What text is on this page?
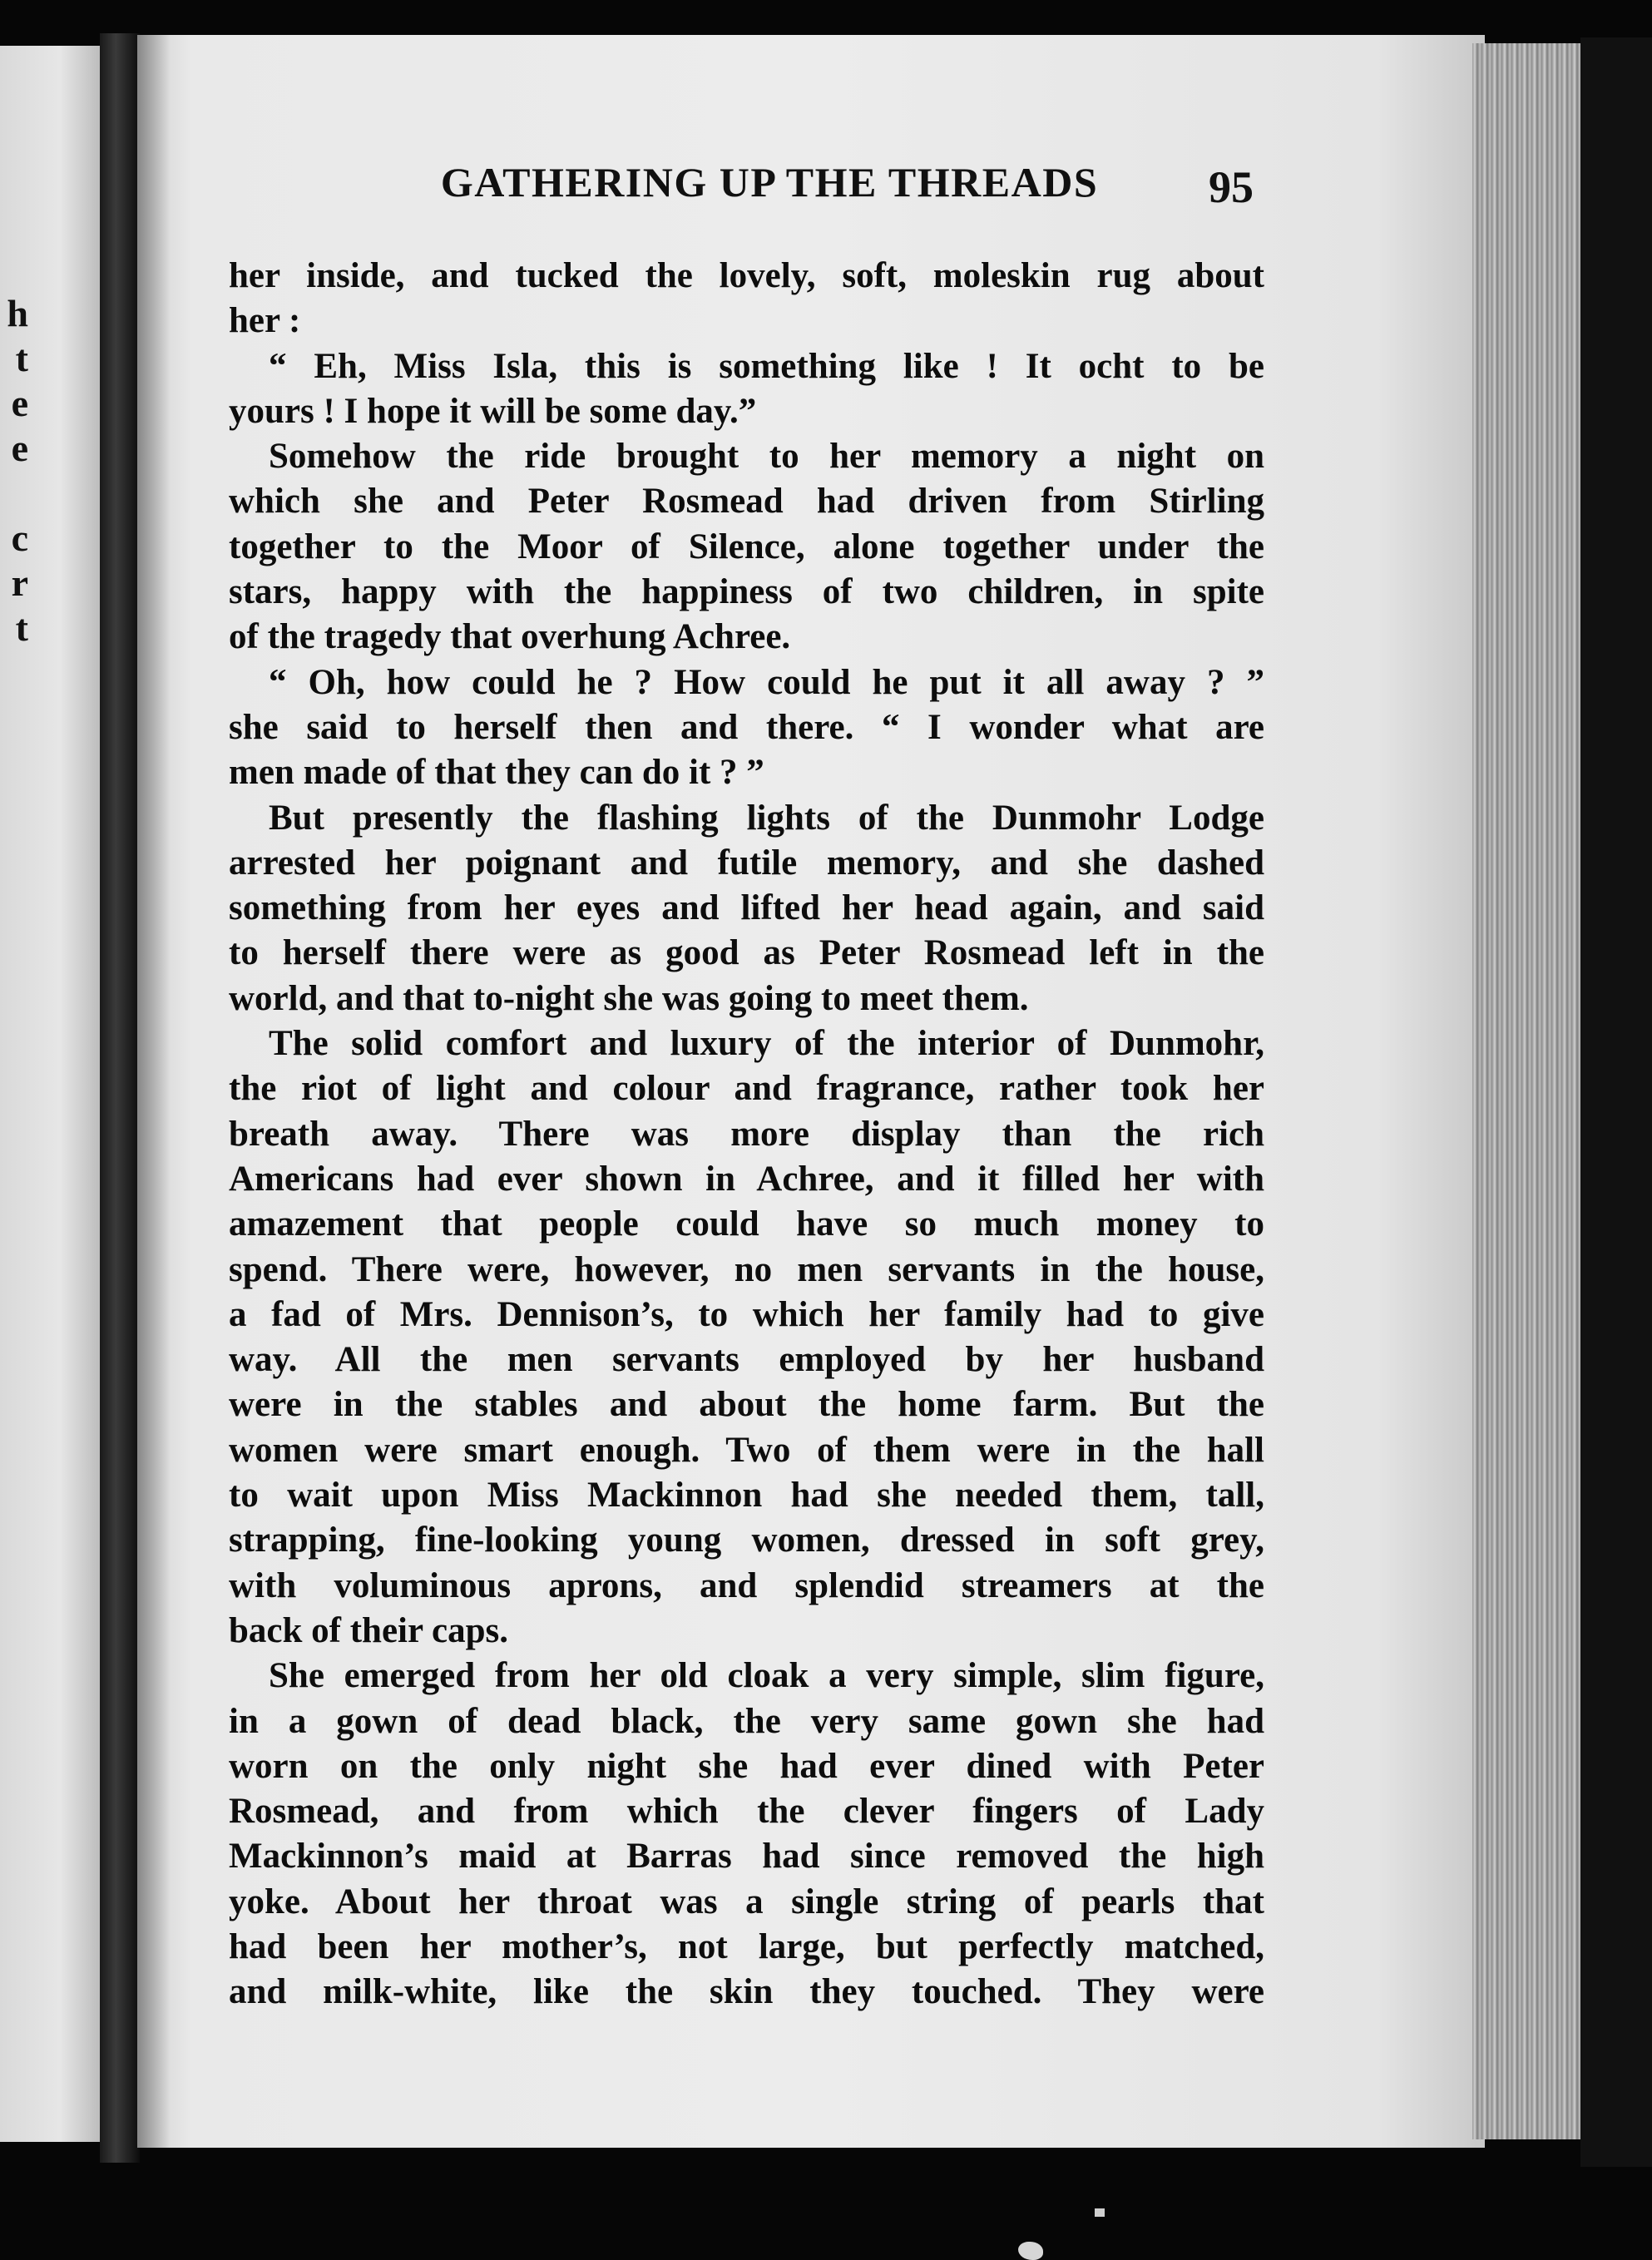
h
t
e
e
c
r
t
GATHERING UP THE THREADS	95
her inside, and tucked the lovely, soft, moleskin rug about
her :
“ Eh, Miss Isla, this is something like ! It ocht to be
yours ! I hope it will be some day.”
Somehow the ride brought to her memory a night on
which she and Peter Rosmead had driven from Stirling
together to the Moor of Silence, alone together under the
stars, happy with the happiness of two children, in spite
of the tragedy that overhung Achree.
“ Oh, how could he ? How could he put it all away ? ”
she said to herself then and there. “ I wonder what are
men made of that they can do it ? ”
But presently the flashing lights of the Dunmohr Lodge
arrested her poignant and futile memory, and she dashed
something from her eyes and lifted her head again, and said
to herself there were as good as Peter Rosmead left in the
world, and that to-night she was going to meet them.
The solid comfort and luxury of the interior of Dunmohr,
the riot of light and colour and fragrance, rather took her
breath away. There was more display than the rich
Americans had ever shown in Achree, and it filled her with
amazement that people could have so much money to
spend. There were, however, no men servants in the house,
a fad of Mrs. Dennison’s, to which her family had to give
way. All the men servants employed by her husband
were in the stables and about the home farm. But the
women were smart enough. Two of them were in the hall
to wait upon Miss Mackinnon had she needed them, tall,
strapping, fine-looking young women, dressed in soft grey,
with voluminous aprons, and splendid streamers at the
back of their caps.
She emerged from her old cloak a very simple, slim figure,
in a gown of dead black, the very same gown she had
worn on the only night she had ever dined with Peter
Rosmead, and from which the clever fingers of Lady
Mackinnon’s maid at Barras had since removed the high
yoke. About her throat was a single string of pearls that
had been her mother’s, not large, but perfectly matched,
and milk-white, like the skin they touched. They were
